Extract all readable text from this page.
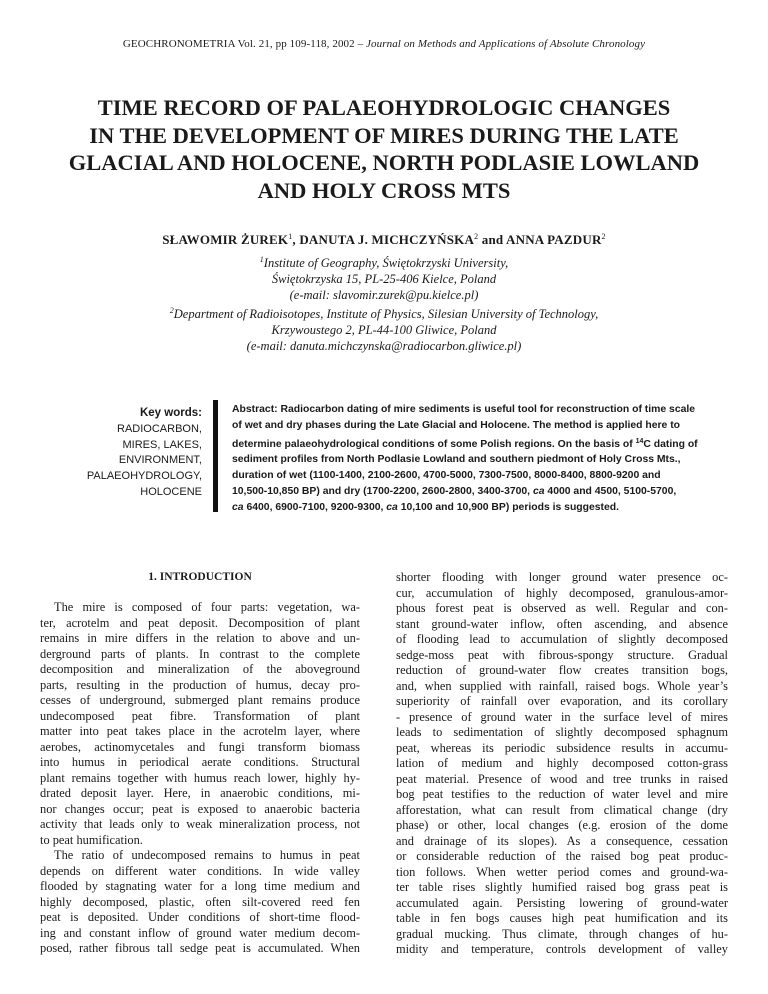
GEOCHRONOMETRIA Vol. 21, pp 109-118, 2002 – Journal on Methods and Applications of Absolute Chronology
TIME RECORD OF PALAEOHYDROLOGIC CHANGES
IN THE DEVELOPMENT OF MIRES DURING THE LATE
GLACIAL AND HOLOCENE, NORTH PODLASIE LOWLAND
AND HOLY CROSS MTS
SŁAWOMIR ŻUREK$^1$, DANUTA J. MICHCZYŃSKA$^2$ and ANNA PAZDUR$^2$
$^1$Institute of Geography, Świętokrzyski University,
Świętokrzyska 15, PL-25-406 Kielce, Poland
(e-mail: slavomir.zurek@pu.kielce.pl)
$^2$Department of Radioisotopes, Institute of Physics, Silesian University of Technology,
Krzywoustego 2, PL-44-100 Gliwice, Poland
(e-mail: danuta.michczynska@radiocarbon.gliwice.pl)
Key words:
RADIOCARBON,
MIRES, LAKES,
ENVIRONMENT,
PALAEOHYDROLOGY,
HOLOCENE
Abstract: Radiocarbon dating of mire sediments is useful tool for reconstruction of time scale
of wet and dry phases during the Late Glacial and Holocene. The method is applied here to
determine palaeohydrological conditions of some Polish regions. On the basis of $^{14}$C dating of
sediment profiles from North Podlasie Lowland and southern piedmont of Holy Cross Mts.,
duration of wet (1100-1400, 2100-2600, 4700-5000, 7300-7500, 8000-8400, 8800-9200 and
10,500-10,850 BP) and dry (1700-2200, 2600-2800, 3400-3700, ca 4000 and 4500, 5100-5700,
ca 6400, 6900-7100, 9200-9300, ca 10,100 and 10,900 BP) periods is suggested.
1. INTRODUCTION
The mire is composed of four parts: vegetation, wa-
ter, acrotelm and peat deposit. Decomposition of plant
remains in mire differs in the relation to above and un-
derground parts of plants. In contrast to the complete
decomposition and mineralization of the aboveground
parts, resulting in the production of humus, decay pro-
cesses of underground, submerged plant remains produce
undecomposed peat fibre. Transformation of plant
matter into peat takes place in the acrotelm layer, where
aerobes, actinomycetales and fungi transform biomass
into humus in periodical aerate conditions. Structural
plant remains together with humus reach lower, highly hy-
drated deposit layer. Here, in anaerobic conditions, mi-
nor changes occur; peat is exposed to anaerobic bacteria
activity that leads only to weak mineralization process, not
to peat humification.
The ratio of undecomposed remains to humus in peat
depends on different water conditions. In wide valley
flooded by stagnating water for a long time medium and
highly decomposed, plastic, often silt-covered reed fen
peat is deposited. Under conditions of short-time flood-
ing and constant inflow of ground water medium decom-
posed, rather fibrous tall sedge peat is accumulated. When
shorter flooding with longer ground water presence oc-
cur, accumulation of highly decomposed, granulous-amor-
phous forest peat is observed as well. Regular and con-
stant ground-water inflow, often ascending, and absence
of flooding lead to accumulation of slightly decomposed
sedge-moss peat with fibrous-spongy structure. Gradual
reduction of ground-water flow creates transition bogs,
and, when supplied with rainfall, raised bogs. Whole year’s
superiority of rainfall over evaporation, and its corollary
- presence of ground water in the surface level of mires
leads to sedimentation of slightly decomposed sphagnum
peat, whereas its periodic subsidence results in accumu-
lation of medium and highly decomposed cotton-grass
peat material. Presence of wood and tree trunks in raised
bog peat testifies to the reduction of water level and mire
afforestation, what can result from climatical change (dry
phase) or other, local changes (e.g. erosion of the dome
and drainage of its slopes). As a consequence, cessation
or considerable reduction of the raised bog peat produc-
tion follows. When wetter period comes and ground-wa-
ter table rises slightly humified raised bog grass peat is
accumulated again. Persisting lowering of ground-water
table in fen bogs causes high peat humification and its
gradual mucking. Thus climate, through changes of hu-
midity and temperature, controls development of valley
